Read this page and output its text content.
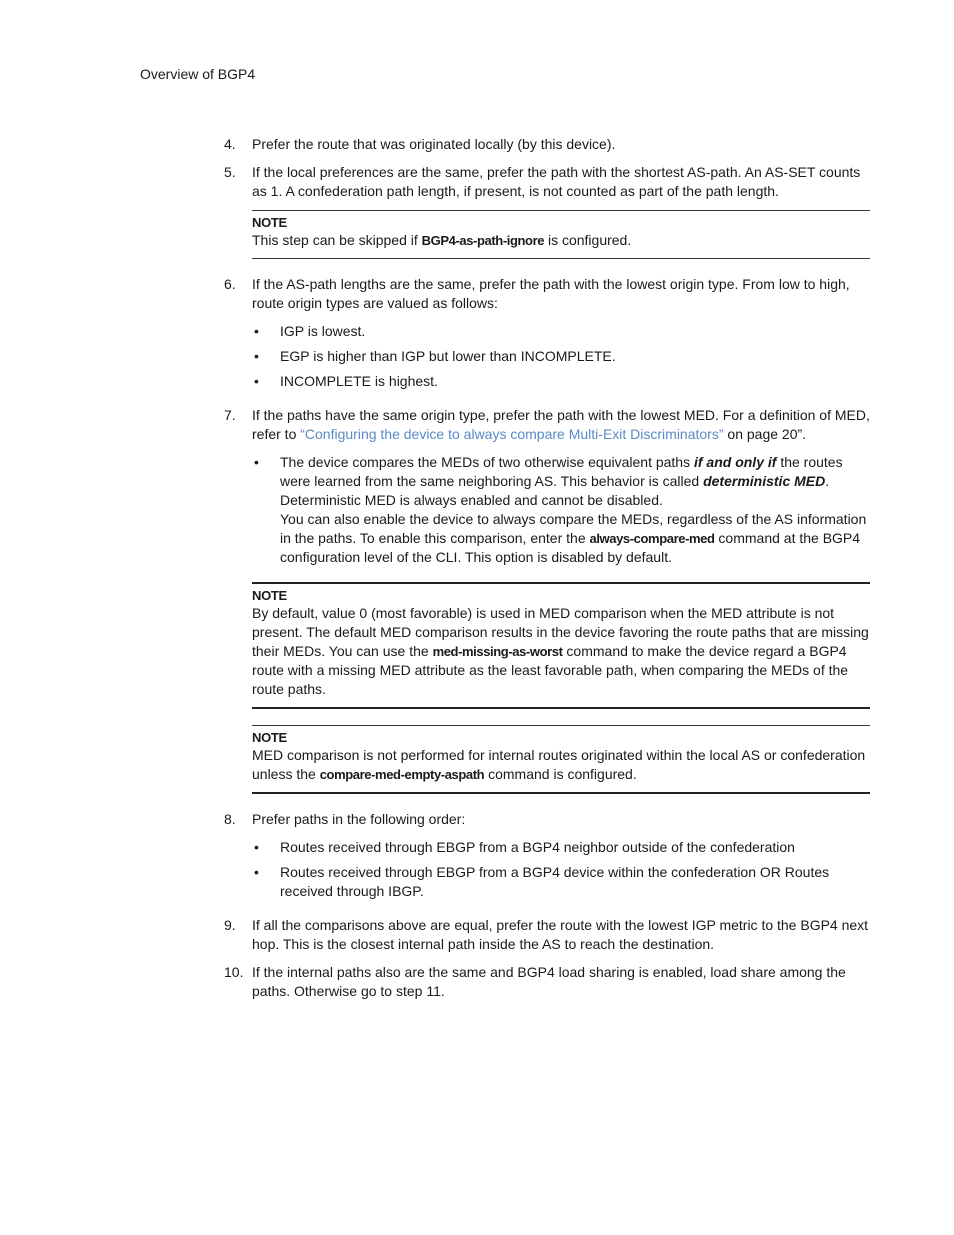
Overview of BGP4
4.	Prefer the route that was originated locally (by this device).

5.	If the local preferences are the same, prefer the path with the shortest AS-path. An AS-SET counts as 1. A confederation path length, if present, is not counted as part of the path length.

NOTE
This step can be skipped if BGP4-as-path-ignore is configured.
6.	If the AS-path lengths are the same, prefer the path with the lowest origin type. From low to high, route origin types are valued as follows:

•	IGP is lowest.
•	EGP is higher than IGP but lower than INCOMPLETE.
•	INCOMPLETE is highest.
7.	If the paths have the same origin type, prefer the path with the lowest MED. For a definition of MED, refer to “Configuring the device to always compare Multi-Exit Discriminators” on page 20”.

•	The device compares the MEDs of two otherwise equivalent paths if and only if the routes were learned from the same neighboring AS. This behavior is called deterministic MED. Deterministic MED is always enabled and cannot be disabled.

You can also enable the device to always compare the MEDs, regardless of the AS information in the paths. To enable this comparison, enter the always-compare-med command at the BGP4 configuration level of the CLI. This option is disabled by default.

NOTE
By default, value 0 (most favorable) is used in MED comparison when the MED attribute is not present. The default MED comparison results in the device favoring the route paths that are missing their MEDs. You can use the med-missing-as-worst command to make the device regard a BGP4 route with a missing MED attribute as the least favorable path, when comparing the MEDs of the route paths.
NOTE
MED comparison is not performed for internal routes originated within the local AS or confederation unless the compare-med-empty-aspath command is configured.
8.	Prefer paths in the following order:

•	Routes received through EBGP from a BGP4 neighbor outside of the confederation
•	Routes received through EBGP from a BGP4 device within the confederation OR Routes received through IBGP.
9.	If all the comparisons above are equal, prefer the route with the lowest IGP metric to the BGP4 next hop. This is the closest internal path inside the AS to reach the destination.

10. If the internal paths also are the same and BGP4 load sharing is enabled, load share among the paths. Otherwise go to step 11.
